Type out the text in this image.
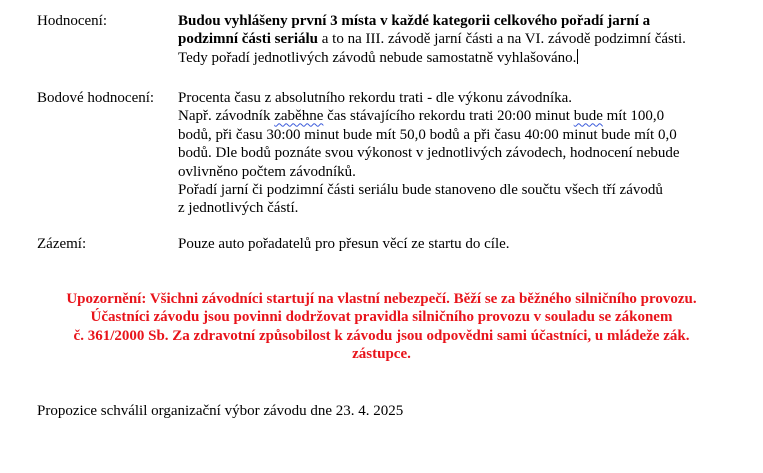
Hodnocení:	Budou vyhlášeny první 3 místa v každé kategorii celkového pořadí jarní a
podzimní části seriálu a to na III. závodě jarní části a na VI. závodě podzimní části.
Tedy pořadí jednotlivých závodů nebude samostatně vyhlašováno.
Bodové hodnocení: Procenta času z absolutního rekordu trati - dle výkonu závodníka.
Např. závodník zaběhne čas stávajícího rekordu trati 20:00 minut bude mít 100,0
bodů, při času 30:00 minut bude mít 50,0 bodů a při času 40:00 minut bude mít 0,0
bodů. Dle bodů poznáte svou výkonost v jednotlivých závodech, hodnocení nebude
ovlivněno počtem závodníků.
Pořadí jarní či podzimní části seriálu bude stanoveno dle součtu všech tří závodů
z jednotlivých částí.
Zázemí:	Pouze auto pořadatelů pro přesun věcí ze startu do cíle.
Upozornění: Všichni závodníci startují na vlastní nebezpečí. Běží se za běžného silničního provozu.
Účastníci závodu jsou povinni dodržovat pravidla silničního provozu v souladu se zákonem
č. 361/2000 Sb. Za zdravotní způsobilost k závodu jsou odpovědni sami účastníci, u mládeže zák.
zástupce.
Propozice schválil organizační výbor závodu dne 23. 4. 2025
